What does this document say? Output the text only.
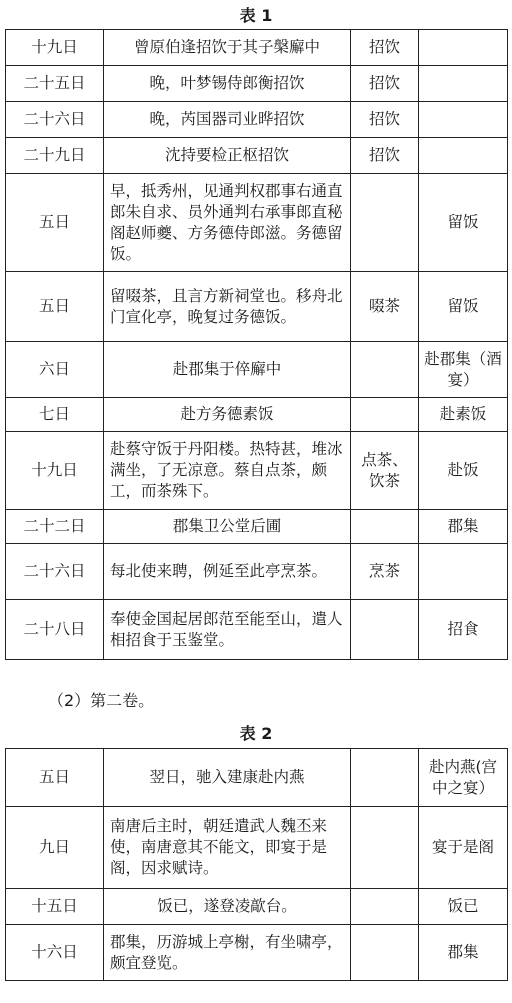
表 1
十九日	曾原伯逢招饮于其子槃廨中	招饮	
二十五日	晚，叶梦锡侍郎衡招饮	招饮	
二十六日	晚，芮国器司业晔招饮	招饮	
二十九日	沈持要检正枢招饮	招饮	
五日	早，抵秀州，见通判权郡事右通直郎朱自求、员外通判右承事郎直秘阁赵师夔、方务德侍郎滋。务德留饭。		留饭
五日	留啜茶，且言方新祠堂也。移舟北门宣化亭，晚复过务德饭。	啜茶	留饭
六日	赴郡集于倅廨中		赴郡集（酒宴）
七日	赴方务德素饭		赴素饭
十九日	赴蔡守饭于丹阳楼。热特甚，堆冰满坐，了无凉意。蔡自点茶，颇工，而茶殊下。	点茶、饮茶	赴饭
二十二日	郡集卫公堂后圃		郡集
二十六日	每北使来聘，例延至此亭烹茶。	烹茶	
二十八日	奉使金国起居郎范至能至山，遣人相招食于玉鉴堂。		招食
（2）第二卷。
表 2
五日	翌日，驰入建康赴内燕		赴内燕(宫中之宴）
九日	南唐后主时，朝廷遣武人魏丕来使，南唐意其不能文，即宴于是阁，因求赋诗。		宴于是阁
十五日	饭已，遂登凌歊台。		饭已
十六日	郡集，历游城上亭榭，有坐啸亭，颇宜登览。		郡集
